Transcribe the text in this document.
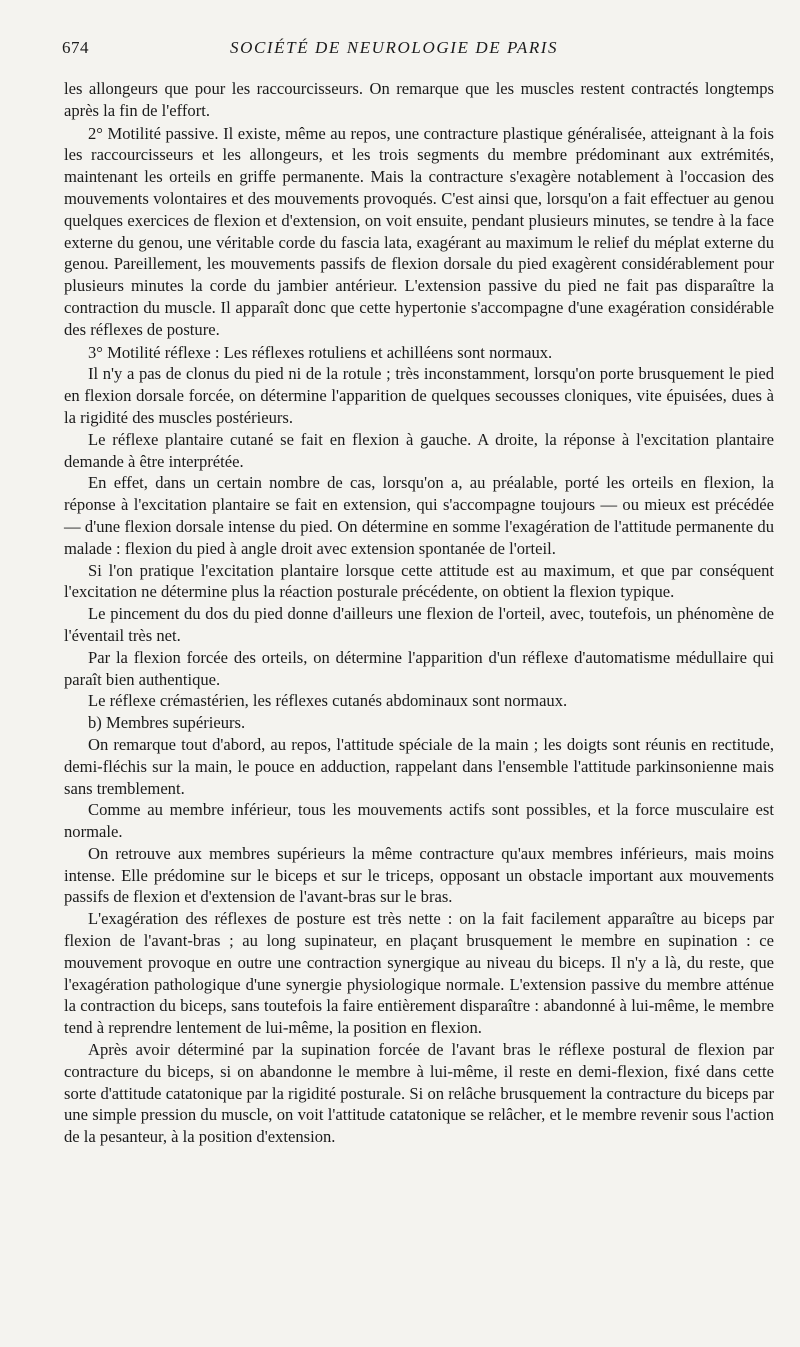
674	SOCIÉTÉ DE NEUROLOGIE DE PARIS

les allongeurs que pour les raccourcisseurs. On remarque que les muscles restent contractés longtemps après la fin de l'effort.

2° Motilité passive. Il existe, même au repos, une contracture plastique généralisée, atteignant à la fois les raccourcisseurs et les allongeurs, et les trois segments du membre prédominant aux extrémités, maintenant les orteils en griffe permanente. Mais la contracture s'exagère notablement à l'occasion des mouvements volontaires et des mouvements provoqués. C'est ainsi que, lorsqu'on a fait effectuer au genou quelques exercices de flexion et d'extension, on voit ensuite, pendant plusieurs minutes, se tendre à la face externe du genou, une véritable corde du fascia lata, exagérant au maximum le relief du méplat externe du genou. Pareillement, les mouvements passifs de flexion dorsale du pied exagèrent considérablement pour plusieurs minutes la corde du jambier antérieur. L'extension passive du pied ne fait pas disparaître la contraction du muscle. Il apparaît donc que cette hypertonie s'accompagne d'une exagération considérable des réflexes de posture.

3° Motilité réflexe : Les réflexes rotuliens et achilléens sont normaux.

Il n'y a pas de clonus du pied ni de la rotule ; très inconstamment, lorsqu'on porte brusquement le pied en flexion dorsale forcée, on détermine l'apparition de quelques secousses cloniques, vite épuisées, dues à la rigidité des muscles postérieurs.

Le réflexe plantaire cutané se fait en flexion à gauche. A droite, la réponse à l'excitation plantaire demande à être interprétée.

En effet, dans un certain nombre de cas, lorsqu'on a, au préalable, porté les orteils en flexion, la réponse à l'excitation plantaire se fait en extension, qui s'accompagne toujours — ou mieux est précédée — d'une flexion dorsale intense du pied. On détermine en somme l'exagération de l'attitude permanente du malade : flexion du pied à angle droit avec extension spontanée de l'orteil.

Si l'on pratique l'excitation plantaire lorsque cette attitude est au maximum, et que par conséquent l'excitation ne détermine plus la réaction posturale précédente, on obtient la flexion typique.

Le pincement du dos du pied donne d'ailleurs une flexion de l'orteil, avec, toutefois, un phénomène de l'éventail très net.

Par la flexion forcée des orteils, on détermine l'apparition d'un réflexe d'automatisme médullaire qui paraît bien authentique.

Le réflexe crémastérien, les réflexes cutanés abdominaux sont normaux.

b) Membres supérieurs.

On remarque tout d'abord, au repos, l'attitude spéciale de la main ; les doigts sont réunis en rectitude, demi-fléchis sur la main, le pouce en adduction, rappelant dans l'ensemble l'attitude parkinsonienne mais sans tremblement.

Comme au membre inférieur, tous les mouvements actifs sont possibles, et la force musculaire est normale.

On retrouve aux membres supérieurs la même contracture qu'aux membres inférieurs, mais moins intense. Elle prédomine sur le biceps et sur le triceps, opposant un obstacle important aux mouvements passifs de flexion et d'extension de l'avant-bras sur le bras.

L'exagération des réflexes de posture est très nette : on la fait facilement apparaître au biceps par flexion de l'avant-bras ; au long supinateur, en plaçant brusquement le membre en supination : ce mouvement provoque en outre une contraction synergique au niveau du biceps. Il n'y a là, du reste, que l'exagération pathologique d'une synergie physiologique normale. L'extension passive du membre atténue la contraction du biceps, sans toutefois la faire entièrement disparaître : abandonné à lui-même, le membre tend à reprendre lentement de lui-même, la position en flexion.

Après avoir déterminé par la supination forcée de l'avant bras le réflexe postural de flexion par contracture du biceps, si on abandonne le membre à lui-même, il reste en demi-flexion, fixé dans cette sorte d'attitude catatonique par la rigidité posturale. Si on relâche brusquement la contracture du biceps par une simple pression du muscle, on voit l'attitude catatonique se relâcher, et le membre revenir sous l'action de la pesanteur, à la position d'extension.
